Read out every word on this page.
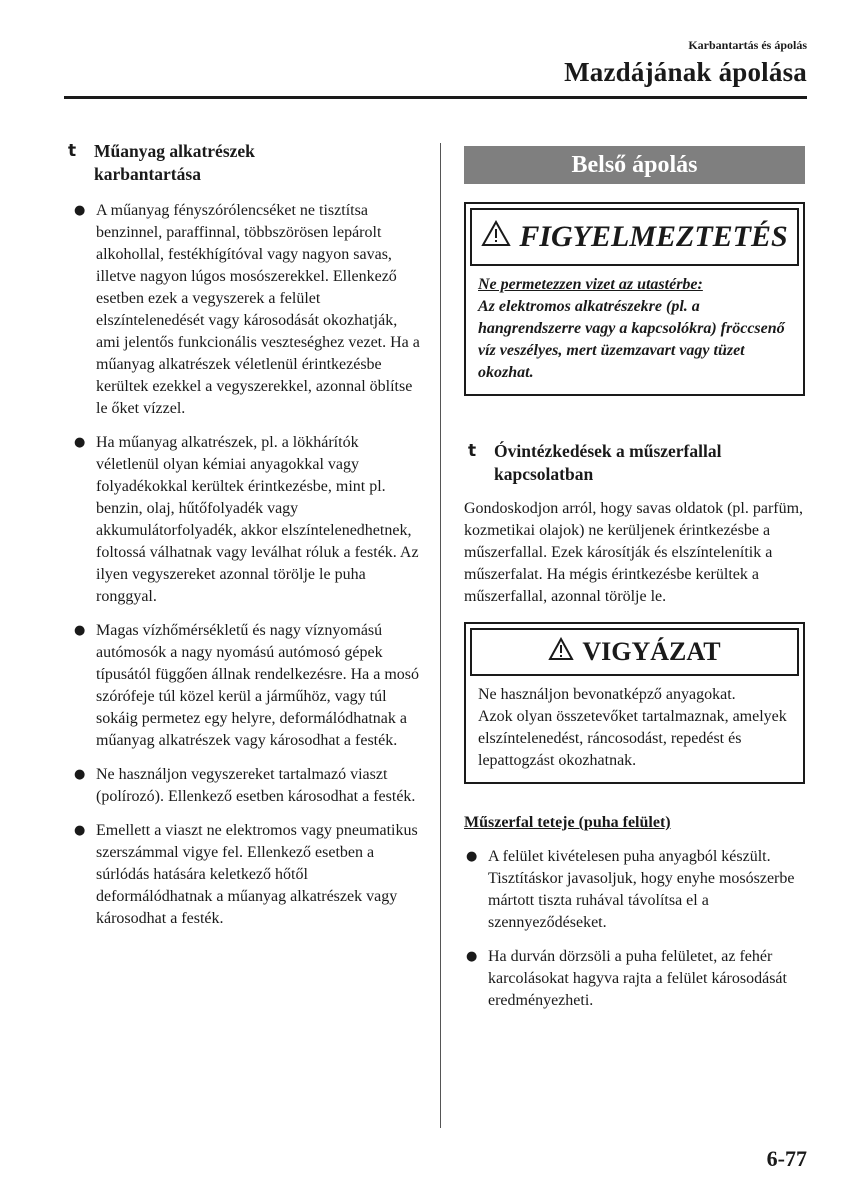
Karbantartás és ápolás
Mazdájának ápolása
t	Műanyag alkatrészek
karbantartása
● A műanyag fényszórólencséket ne tisztítsa benzinnel, paraffinnal, többszörösen lepárolt alkohollal, festékhígítóval vagy nagyon savas, illetve nagyon lúgos mosószerekkel. Ellenkező esetben ezek a vegyszerek a felület elszíntelenedését vagy károsodását okozhatják, ami jelentős funkcionális veszteséghez vezet. Ha a műanyag alkatrészek véletlenül érintkezésbe kerültek ezekkel a vegyszerekkel, azonnal öblítse le őket vízzel.
● Ha műanyag alkatrészek, pl. a lökhárítók véletlenül olyan kémiai anyagokkal vagy folyadékokkal kerültek érintkezésbe, mint pl. benzin, olaj, hűtőfolyadék vagy akkumulátorfolyadék, akkor elszíntelenedhetnek, foltossá válhatnak vagy leválhat róluk a festék. Az ilyen vegyszereket azonnal törölje le puha ronggyal.
● Magas vízhőmérsékletű és nagy víznyomású autómosók a nagy nyomású autómosó gépek típusától függően állnak rendelkezésre. Ha a mosó szórófeje túl közel kerül a járműhöz, vagy túl sokáig permetez egy helyre, deformálódhatnak a műanyag alkatrészek vagy károsodhat a festék.
● Ne használjon vegyszereket tartalmazó viaszt (polírozó). Ellenkező esetben károsodhat a festék.
● Emellett a viaszt ne elektromos vagy pneumatikus szerszámmal vigye fel. Ellenkező esetben a súrlódás hatására keletkező hőtől deformálódhatnak a műanyag alkatrészek vagy károsodhat a festék.
Belső ápolás
FIGYELMEZTETÉS
Ne permetezzen vizet az utastérbe:
Az elektromos alkatrészekre (pl. a hangrendszerre vagy a kapcsolókra) fröccsenő víz veszélyes, mert üzemzavart vagy tüzet okozhat.
t	Óvintézkedések a műszerfallal
kapcsolatban
Gondoskodjon arról, hogy savas oldatok (pl. parfüm, kozmetikai olajok) ne kerüljenek érintkezésbe a műszerfallal. Ezek károsítják és elszíntelenítik a műszerfalat. Ha mégis érintkezésbe kerültek a műszerfallal, azonnal törölje le.
VIGYÁZAT
Ne használjon bevonatképző anyagokat.
Azok olyan összetevőket tartalmaznak, amelyek elszíntelenedést, ráncosodást, repedést és lepattogzást okozhatnak.
Műszerfal teteje (puha felület)
● A felület kivételesen puha anyagból készült. Tisztításkor javasoljuk, hogy enyhe mosószerbe mártott tiszta ruhával távolítsa el a szennyeződéseket.
● Ha durván dörzsöli a puha felületet, az fehér karcolásokat hagyva rajta a felület károsodását eredményezheti.
6-77
